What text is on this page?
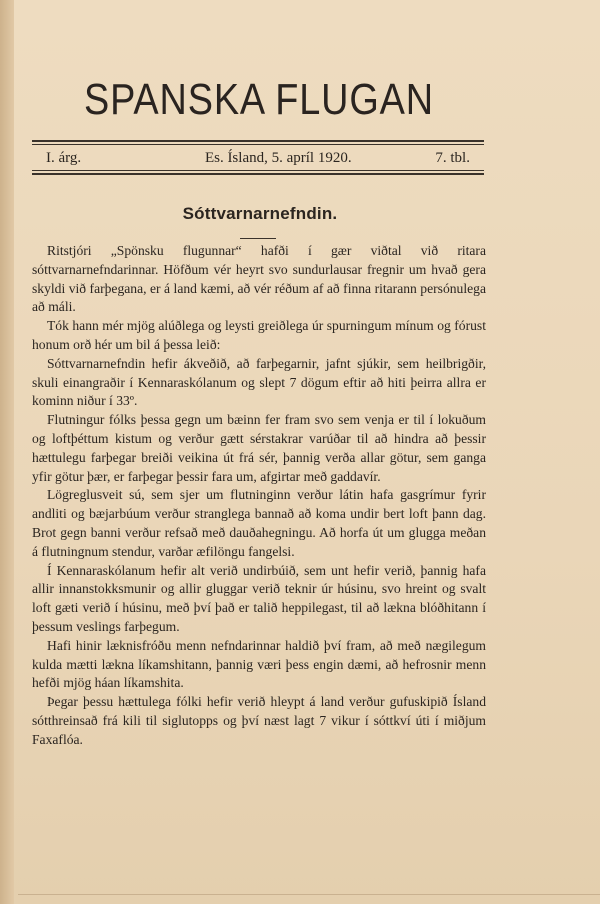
SPANSKA FLUGAN
I. árg.	Es. Ísland, 5. apríl 1920.	7. tbl.
Sóttvarnarnefndin.

Ritstjóri „Spönsku flugunnar“ hafði í gær viðtal við ritara sóttvarnarnefndarinnar. Höfðum vér heyrt svo sundurlausar fregnir um hvað gera skyldi við farþegana, er á land kæmi, að vér réðum af að finna ritarann persónulega að máli.

Tók hann mér mjög alúðlega og leysti greiðlega úr spurningum mínum og fórust honum orð hér um bil á þessa leið:

Sóttvarnarnefndin hefir ákveðið, að farþegarnir, jafnt sjúkir, sem heilbrigðir, skuli einangraðir í Kennaraskólanum og slept 7 dögum eftir að hiti þeirra allra er kominn niður í 33º.

Flutningur fólks þessa gegn um bæinn fer fram svo sem venja er til í lokuðum og loftþéttum kistum og verður gætt sérstakrar varúðar til að hindra að þessir hættulegu farþegar breiði veikina út frá sér, þannig verða allar götur, sem ganga yfir götur þær, er farþegar þessir fara um, afgirtar með gaddavír.

Lögreglusveit sú, sem sjer um flutninginn verður látin hafa gasgrímur fyrir andliti og bæjarbúum verður stranglega bannað að koma undir bert loft þann dag. Brot gegn banni verður refsað með dauðahegningu. Að horfa út um glugga meðan á flutningnum stendur, varðar æfilöngu fangelsi.

Í Kennaraskólanum hefir alt verið undirbúið, sem unt hefir verið, þannig hafa allir innanstokksmunir og allir gluggar verið teknir úr húsinu, svo hreint og svalt loft gæti verið í húsinu, með því það er talið heppilegast, til að lækna blóðhitann í þessum veslings farþegum.

Hafi hinir læknisfróðu menn nefndarinnar haldið því fram, að með nægilegum kulda mætti lækna líkamshitann, þannig væri þess engin dæmi, að hefrosnir menn hefði mjög háan líkamshita.

Þegar þessu hættulega fólki hefir verið hleypt á land verður gufuskipið Ísland sótthreinsað frá kili til siglutopps og því næst lagt 7 vikur í sóttkví úti í miðjum Faxaflóa.
